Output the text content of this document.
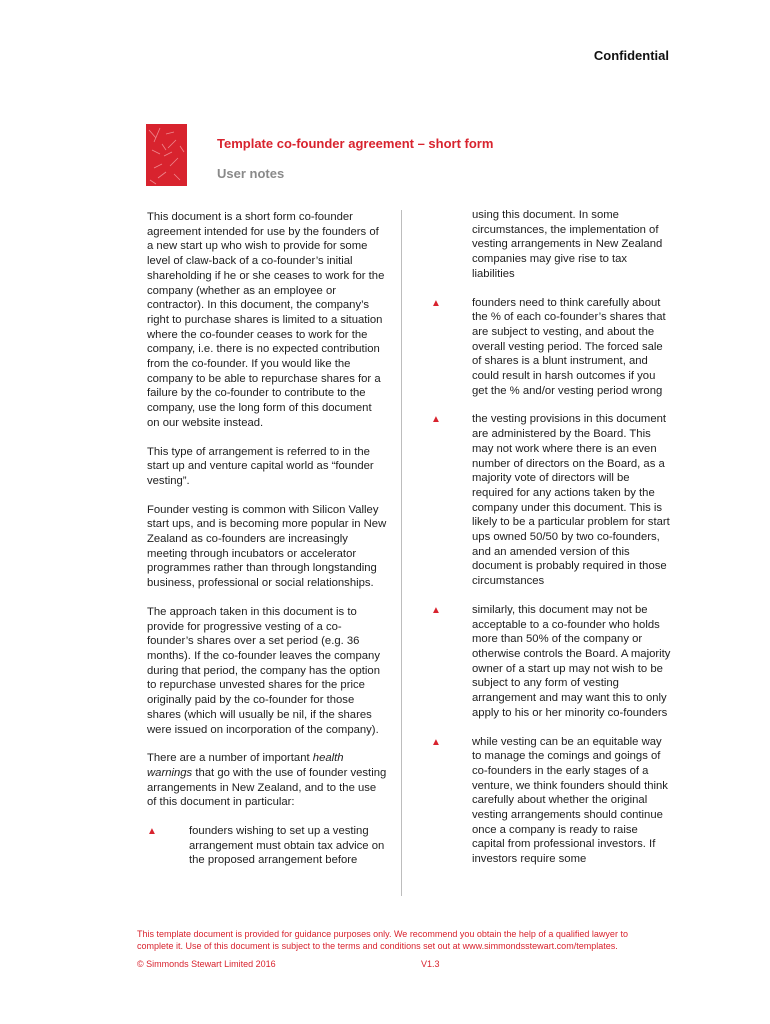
Confidential
Template co-founder agreement – short form
User notes

This document is a short form co-founder agreement intended for use by the founders of a new start up who wish to provide for some level of claw-back of a co-founder’s initial shareholding if he or she ceases to work for the company (whether as an employee or contractor). In this document, the company’s right to purchase shares is limited to a situation where the co-founder ceases to work for the company, i.e. there is no expected contribution from the co-founder. If you would like the company to be able to repurchase shares for a failure by the co-founder to contribute to the company, use the long form of this document on our website instead.

This type of arrangement is referred to in the start up and venture capital world as “founder vesting”.

Founder vesting is common with Silicon Valley start ups, and is becoming more popular in New Zealand as co-founders are increasingly meeting through incubators or accelerator programmes rather than through longstanding business, professional or social relationships.

The approach taken in this document is to provide for progressive vesting of a co-founder’s shares over a set period (e.g. 36 months). If the co-founder leaves the company during that period, the company has the option to repurchase unvested shares for the price originally paid by the co-founder for those shares (which will usually be nil, if the shares were issued on incorporation of the company).

There are a number of important health warnings that go with the use of founder vesting arrangements in New Zealand, and to the use of this document in particular:

▲	founders wishing to set up a vesting arrangement must obtain tax advice on the proposed arrangement before
using this document. In some circumstances, the implementation of vesting arrangements in New Zealand companies may give rise to tax liabilities
▲	founders need to think carefully about the % of each co-founder’s shares that are subject to vesting, and about the overall vesting period. The forced sale of shares is a blunt instrument, and could result in harsh outcomes if you get the % and/or vesting period wrong
▲	the vesting provisions in this document are administered by the Board. This may not work where there is an even number of directors on the Board, as a majority vote of directors will be required for any actions taken by the company under this document. This is likely to be a particular problem for start ups owned 50/50 by two co-founders, and an amended version of this document is probably required in those circumstances
▲	similarly, this document may not be acceptable to a co-founder who holds more than 50% of the company or otherwise controls the Board. A majority owner of a start up may not wish to be subject to any form of vesting arrangement and may want this to only apply to his or her minority co-founders
▲	while vesting can be an equitable way to manage the comings and goings of co-founders in the early stages of a venture, we think founders should think carefully about whether the original vesting arrangements should continue once a company is ready to raise capital from professional investors. If investors require some
This template document is provided for guidance purposes only. We recommend you obtain the help of a qualified lawyer to complete it. Use of this document is subject to the terms and conditions set out at www.simmondsstewart.com/templates.
© Simmonds Stewart Limited 2016	V1.3
